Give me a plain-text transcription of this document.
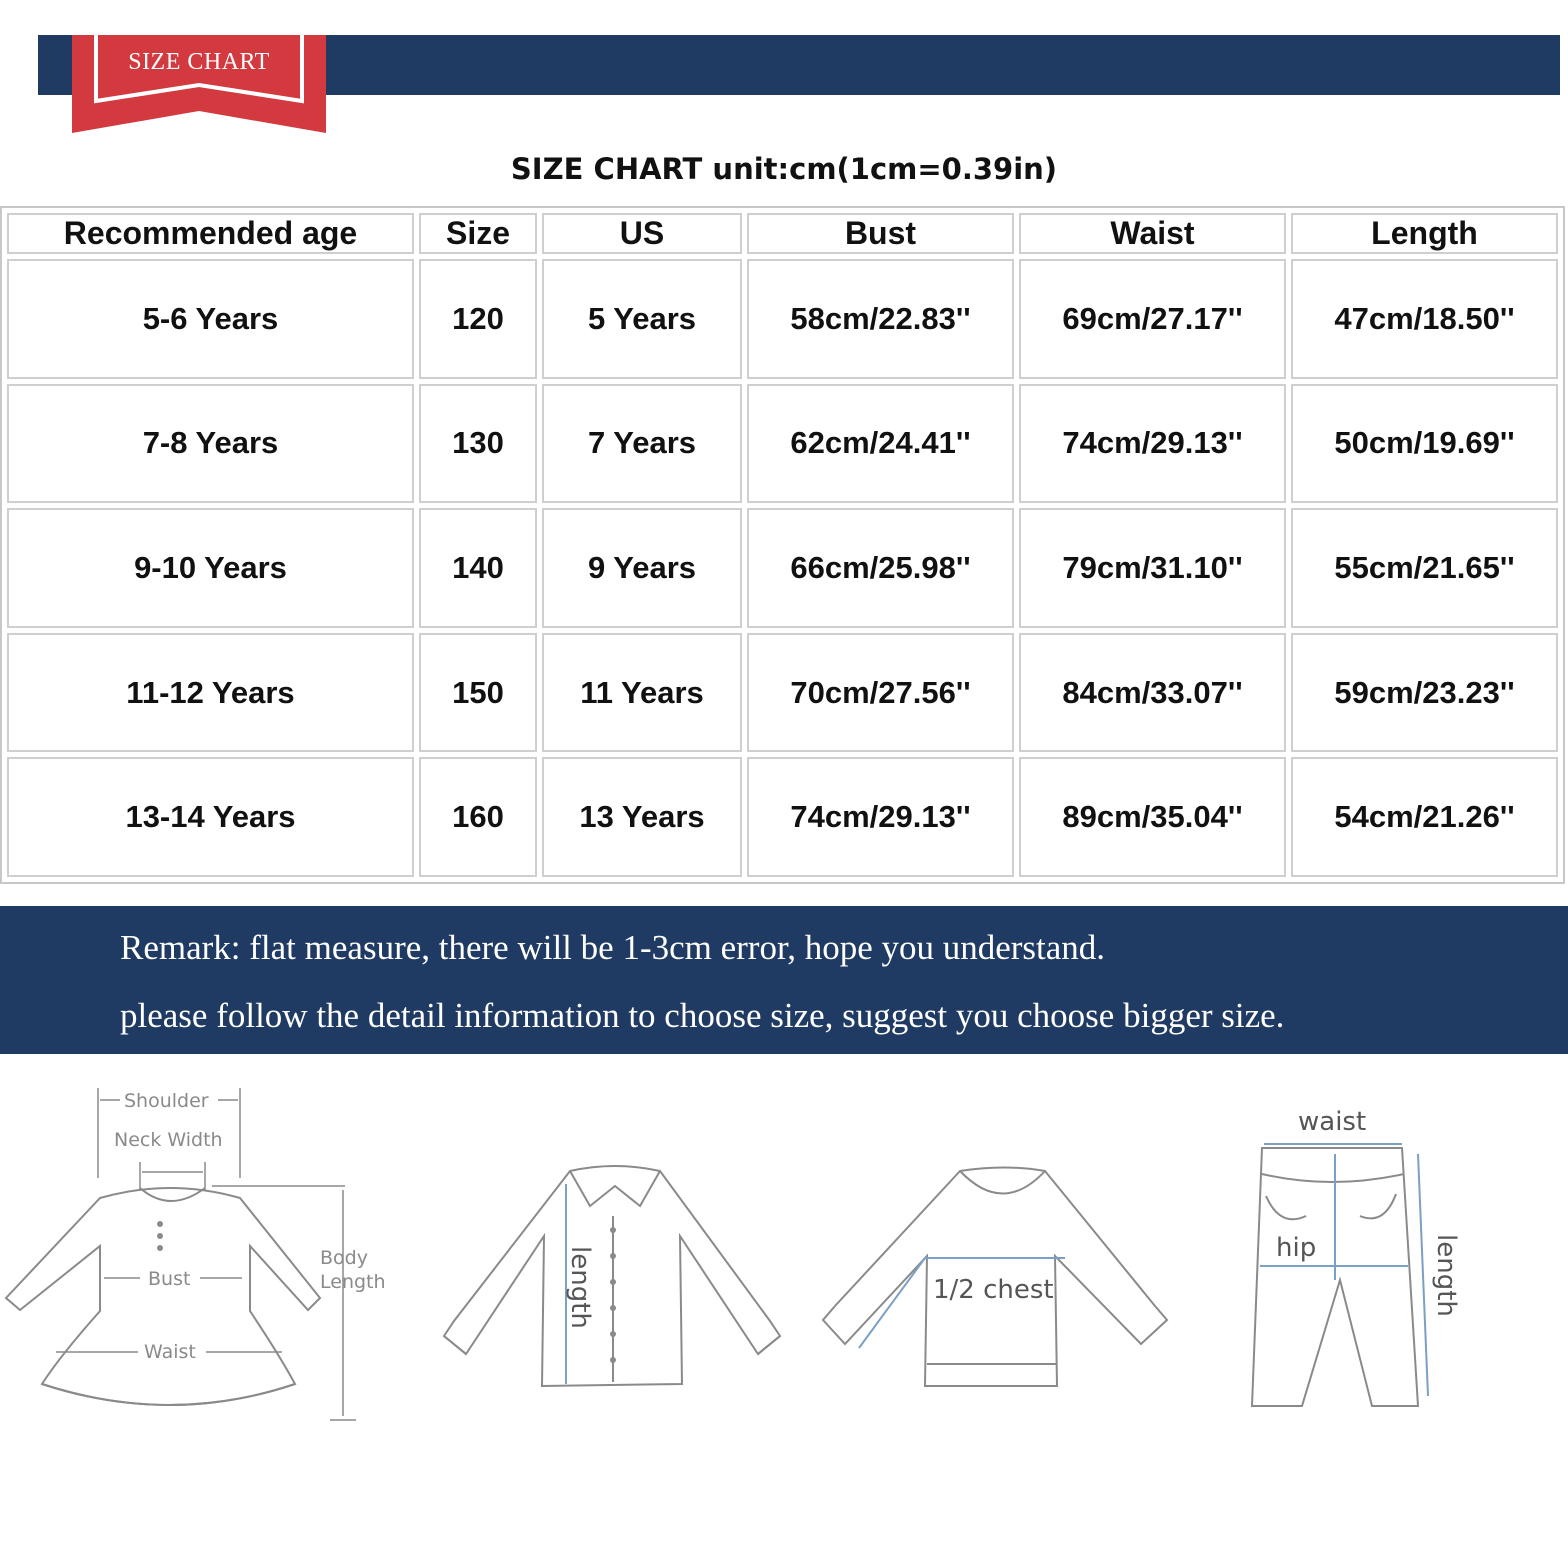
SIZE CHART
SIZE CHART unit:cm(1cm=0.39in)
Recommended age	Size	US	Bust	Waist	Length
5-6 Years	120	5 Years	58cm/22.83''	69cm/27.17''	47cm/18.50''
7-8 Years	130	7 Years	62cm/24.41''	74cm/29.13''	50cm/19.69''
9-10 Years	140	9 Years	66cm/25.98''	79cm/31.10''	55cm/21.65''
11-12 Years	150	11 Years	70cm/27.56''	84cm/33.07''	59cm/23.23''
13-14 Years	160	13 Years	74cm/29.13''	89cm/35.04''	54cm/21.26''
Remark: flat measure, there will be 1-3cm error, hope you understand.
please follow the detail information to choose size, suggest you choose bigger size.
Shoulder
Neck Width
Body
Length
Bust
Waist
length	1/2 chest
waist
hip	length
